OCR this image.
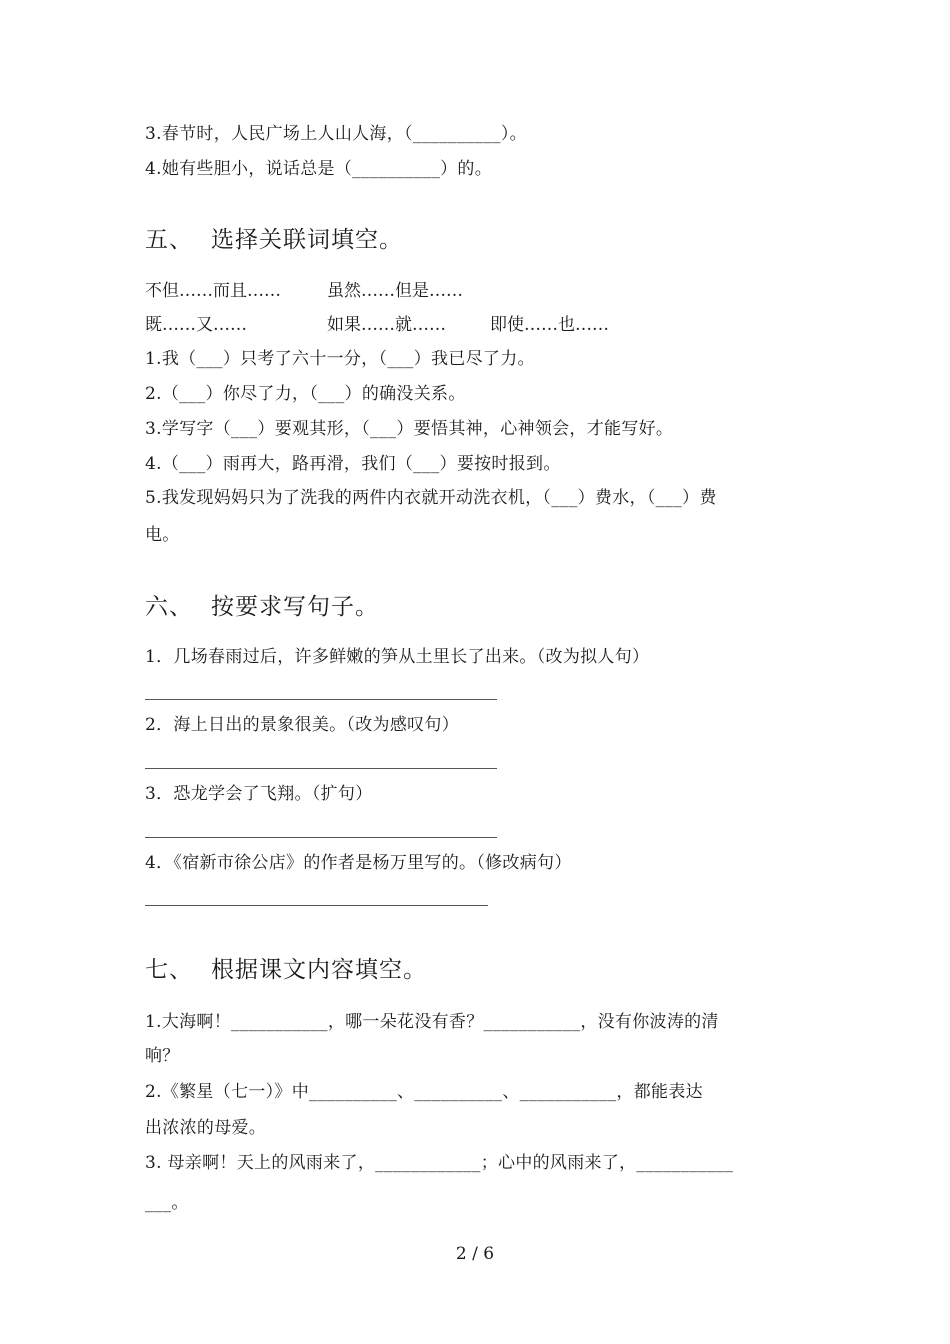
3.春节时，人民广场上人山人海，（__________）。
4.她有些胆小，说话总是（__________）的。
五、 选择关联词填空。
不但……而且……	虽然……但是……
既……又……	如果……就……	即使……也……
1.我（___）只考了六十一分，（___）我已尽了力。
2.（___）你尽了力，（___）的确没关系。
3.学写字（___）要观其形，（___）要悟其神，心神领会，才能写好。
4.（___）雨再大，路再滑，我们（___）要按时报到。
5.我发现妈妈只为了洗我的两件内衣就开动洗衣机，（___）费水，（___）费
电。
六、 按要求写句子。
1．几场春雨过后，许多鲜嫩的笋从土里长了出来。（改为拟人句）
2．海上日出的景象很美。（改为感叹句）
3．恐龙学会了飞翔。（扩句）
4．《宿新市徐公店》的作者是杨万里写的。（修改病句）
七、 根据课文内容填空。
1.大海啊！___________，哪一朵花没有香？___________，没有你波涛的清
响？
2.《繁星（七一）》中__________、__________、___________，都能表达
出浓浓的母爱。
3. 母亲啊！天上的风雨来了，____________；心中的风雨来了，___________
___。
2 / 6
